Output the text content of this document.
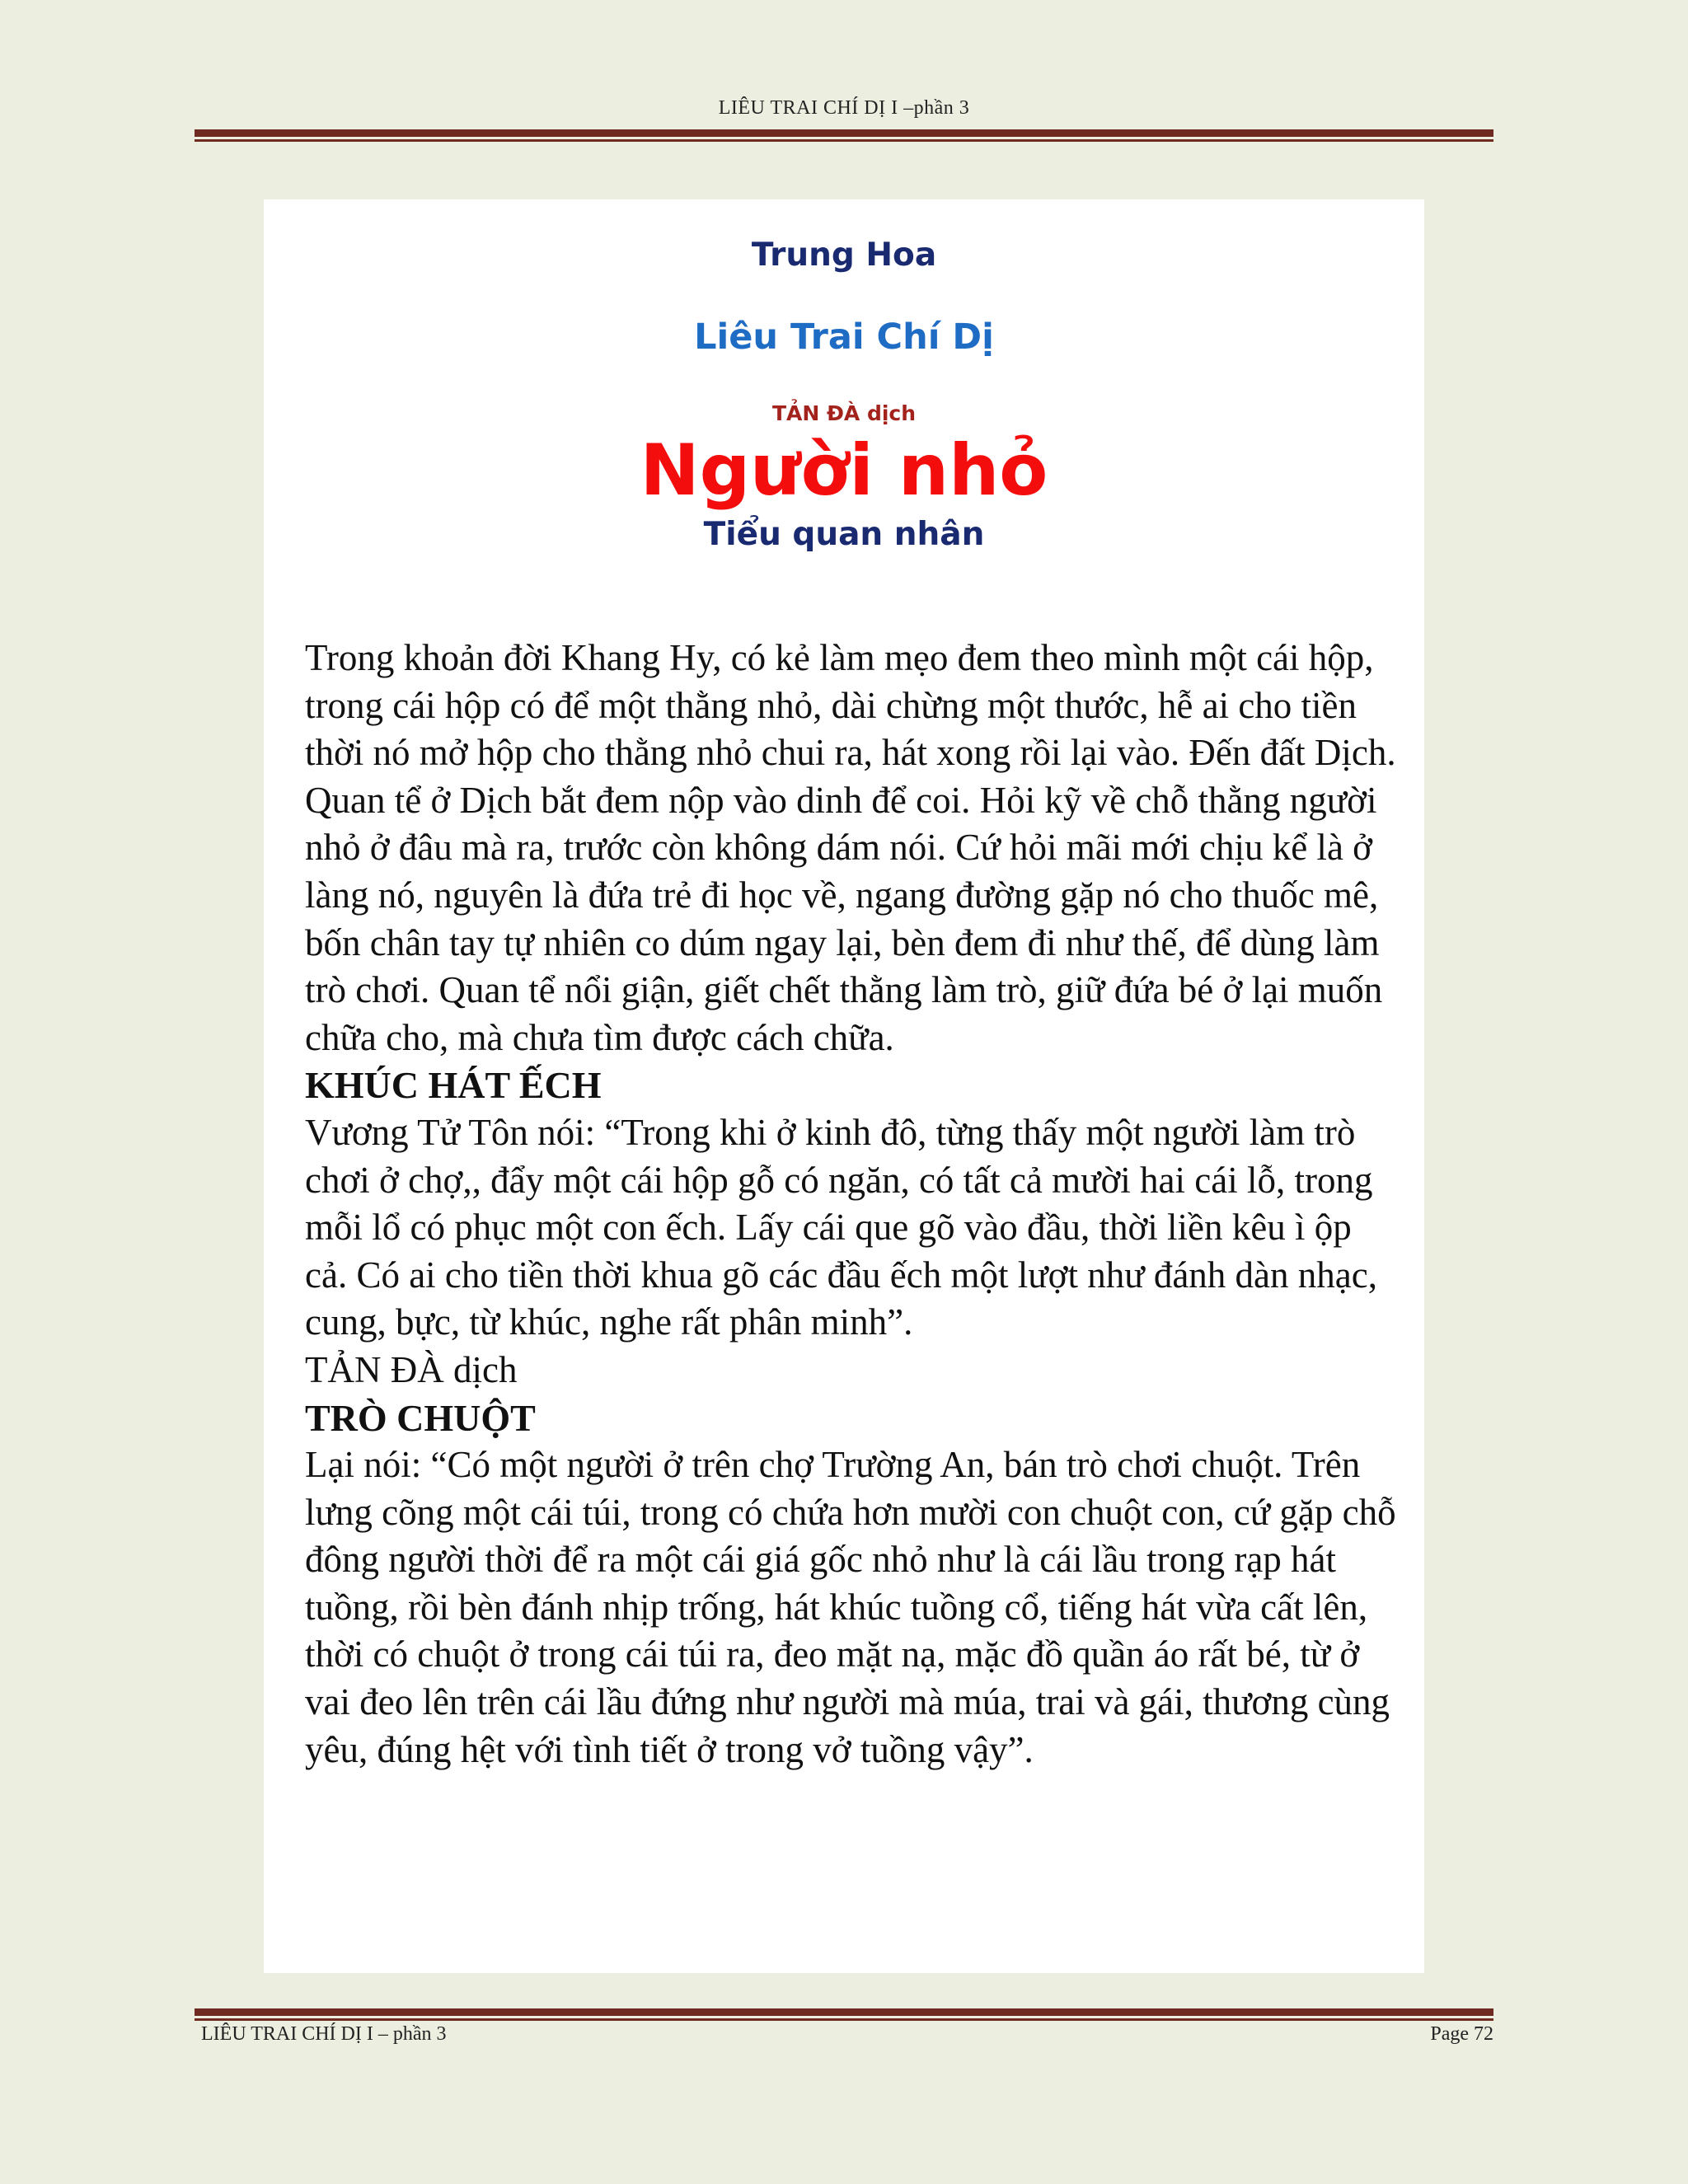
LIÊU TRAI CHÍ DỊ I –phần 3
Trung Hoa
Liêu Trai Chí Dị
TẢN ĐÀ dịch
Người nhỏ
Tiểu quan nhân

Trong khoản đời Khang Hy, có kẻ làm mẹo đem theo mình một cái hộp, trong cái hộp có để một thằng nhỏ, dài chừng một thước, hễ ai cho tiền thời nó mở hộp cho thằng nhỏ chui ra, hát xong rồi lại vào. Đến đất Dịch. Quan tể ở Dịch bắt đem nộp vào dinh để coi. Hỏi kỹ về chỗ thằng người nhỏ ở đâu mà ra, trước còn không dám nói. Cứ hỏi mãi mới chịu kể là ở làng nó, nguyên là đứa trẻ đi học về, ngang đường gặp nó cho thuốc mê, bốn chân tay tự nhiên co dúm ngay lại, bèn đem đi như thế, để dùng làm trò chơi. Quan tể nổi giận, giết chết thằng làm trò, giữ đứa bé ở lại muốn chữa cho, mà chưa tìm được cách chữa.

KHÚC HÁT ẾCH

Vương Tử Tôn nói: “Trong khi ở kinh đô, từng thấy một người làm trò chơi ở chợ,, đẩy một cái hộp gỗ có ngăn, có tất cả mười hai cái lỗ, trong mỗi lổ có phục một con ếch. Lấy cái que gõ vào đầu, thời liền kêu ì ộp cả. Có ai cho tiền thời khua gõ các đầu ếch một lượt như đánh dàn nhạc, cung, bực, từ khúc, nghe rất phân minh”.

TẢN ĐÀ dịch

TRÒ CHUỘT

Lại nói: “Có một người ở trên chợ Trường An, bán trò chơi chuột. Trên lưng cõng một cái túi, trong có chứa hơn mười con chuột con, cứ gặp chỗ đông người thời để ra một cái giá gốc nhỏ như là cái lầu trong rạp hát tuồng, rồi bèn đánh nhịp trống, hát khúc tuồng cổ, tiếng hát vừa cất lên, thời có chuột ở trong cái túi ra, đeo mặt nạ, mặc đồ quần áo rất bé, từ ở vai đeo lên trên cái lầu đứng như người mà múa, trai và gái, thương cùng yêu, đúng hệt với tình tiết ở trong vở tuồng vậy”.

LIÊU TRAI CHÍ DỊ I – phần 3	Page 72
